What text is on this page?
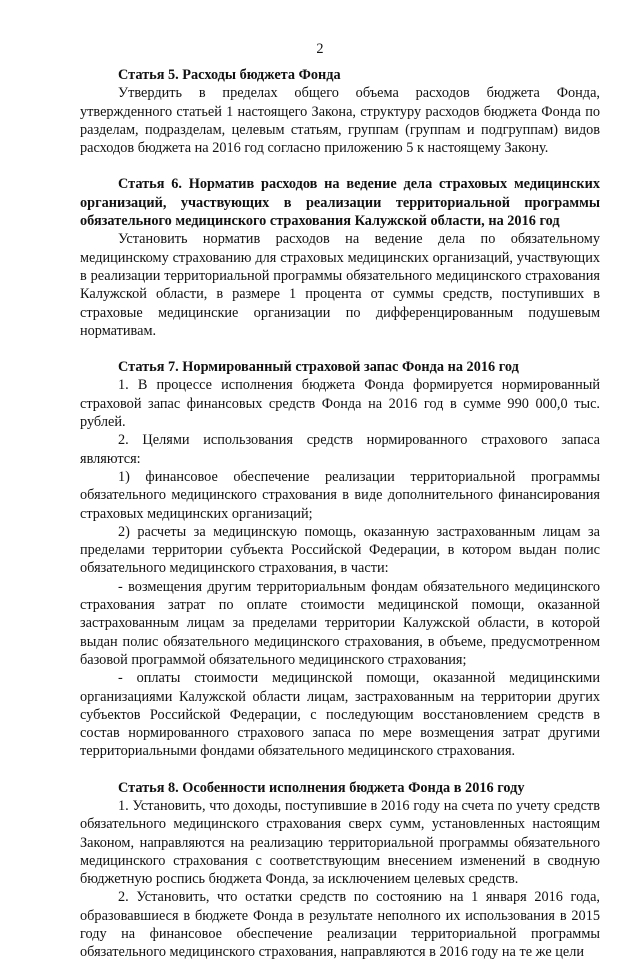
2
Статья 5. Расходы бюджета Фонда
Утвердить в пределах общего объема расходов бюджета Фонда, утвержденного статьей 1 настоящего Закона, структуру расходов бюджета Фонда по разделам, подразделам, целевым статьям, группам (группам и подгруппам) видов расходов бюджета на 2016 год согласно приложению 5 к настоящему Закону.
Статья 6. Норматив расходов на ведение дела страховых медицинских организаций, участвующих в реализации территориальной программы обязательного медицинского страхования Калужской области, на 2016 год
Установить норматив расходов на ведение дела по обязательному медицинскому страхованию для страховых медицинских организаций, участвующих в реализации территориальной программы обязательного медицинского страхования Калужской области, в размере 1 процента от суммы средств, поступивших в страховые медицинские организации по дифференцированным подушевым нормативам.
Статья 7. Нормированный страховой запас Фонда на 2016 год
1. В процессе исполнения бюджета Фонда формируется нормированный страховой запас финансовых средств Фонда на 2016 год в сумме 990 000,0 тыс. рублей.
2. Целями использования средств нормированного страхового запаса являются:
1) финансовое обеспечение реализации территориальной программы обязательного медицинского страхования в виде дополнительного финансирования страховых медицинских организаций;
2) расчеты за медицинскую помощь, оказанную застрахованным лицам за пределами территории субъекта Российской Федерации, в котором выдан полис обязательного медицинского страхования, в части:
- возмещения другим территориальным фондам обязательного медицинского страхования затрат по оплате стоимости медицинской помощи, оказанной застрахованным лицам за пределами территории Калужской области, в которой выдан полис обязательного медицинского страхования, в объеме, предусмотренном базовой программой обязательного медицинского страхования;
- оплаты стоимости медицинской помощи, оказанной медицинскими организациями Калужской области лицам, застрахованным на территории других субъектов Российской Федерации, с последующим восстановлением средств в состав нормированного страхового запаса по мере возмещения затрат другими территориальными фондами обязательного медицинского страхования.
Статья 8. Особенности исполнения бюджета Фонда в 2016 году
1. Установить, что доходы, поступившие в 2016 году на счета по учету средств обязательного медицинского страхования сверх сумм, установленных настоящим Законом, направляются на реализацию территориальной программы обязательного медицинского страхования с соответствующим внесением изменений в сводную бюджетную роспись бюджета Фонда, за исключением целевых средств.
2. Установить, что остатки средств по состоянию на 1 января 2016 года, образовавшиеся в бюджете Фонда в результате неполного их использования в 2015 году на финансовое обеспечение реализации территориальной программы обязательного медицинского страхования, направляются в 2016 году на те же цели
